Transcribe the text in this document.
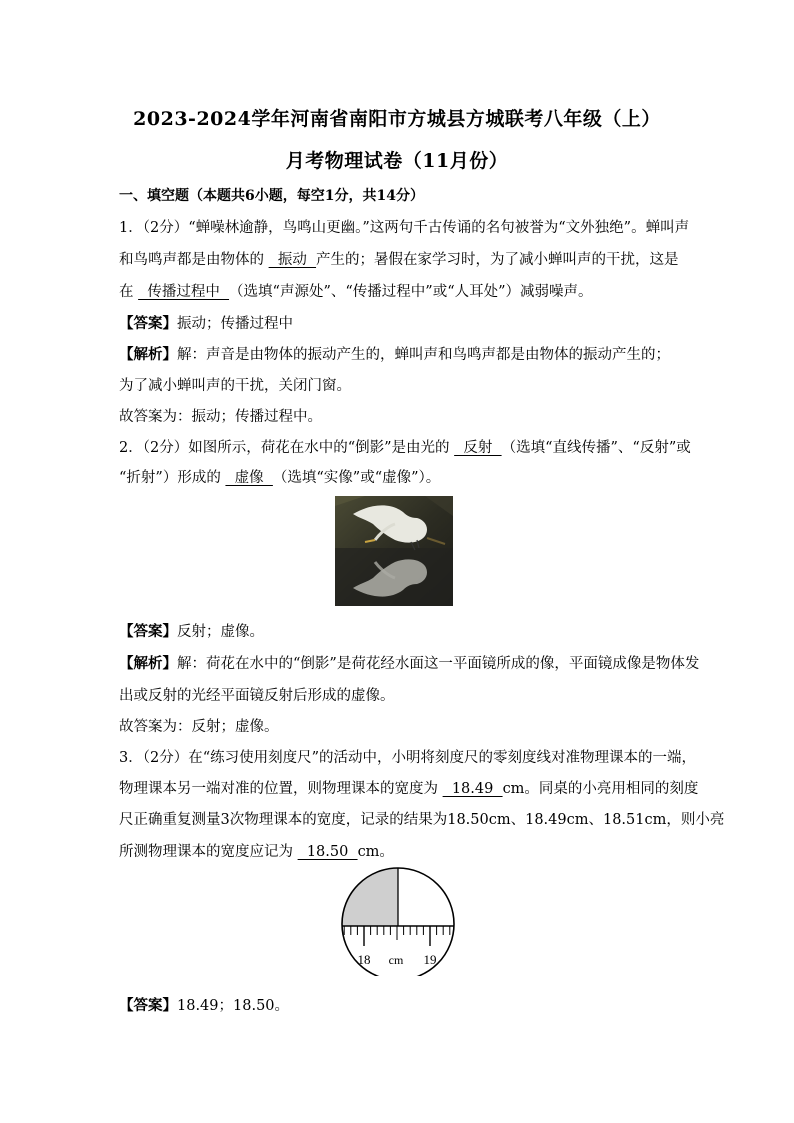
2023-2024学年河南省南阳市方城县方城联考八年级（上）
月考物理试卷（11月份）
一、填空题（本题共6小题，每空1分，共14分）
1．（2分）“蝉噪林逾静，鸟鸣山更幽。”这两句千古传诵的名句被誉为“文外独绝”。蝉叫声
和鸟鸣声都是由物体的   振动  产生的；暑假在家学习时，为了减小蝉叫声的干扰，这是
在   传播过程中  （选填“声源处”、“传播过程中”或“人耳处”）减弱噪声。
【答案】振动；传播过程中
【解析】解：声音是由物体的振动产生的，蝉叫声和鸟鸣声都是由物体的振动产生的；
为了减小蝉叫声的干扰，关闭门窗。
故答案为：振动；传播过程中。
2．（2分）如图所示，荷花在水中的“倒影”是由光的   反射  （选填“直线传播”、“反射”或
“折射”）形成的   虚像  （选填“实像”或“虚像”）。
【答案】反射；虚像。
【解析】解：荷花在水中的“倒影”是荷花经水面这一平面镜所成的像，平面镜成像是物体发
出或反射的光经平面镜反射后形成的虚像。
故答案为：反射；虚像。
3．（2分）在“练习使用刻度尺”的活动中，小明将刻度尺的零刻度线对准物理课本的一端，
物理课本另一端对准的位置，则物理课本的宽度为   18.49  cm。同桌的小亮用相同的刻度
尺正确重复测量3次物理课本的宽度，记录的结果为18.50cm、18.49cm、18.51cm，则小亮
所测物理课本的宽度应记为   18.50  cm。
18 cm 19
【答案】18.49；18.50。
